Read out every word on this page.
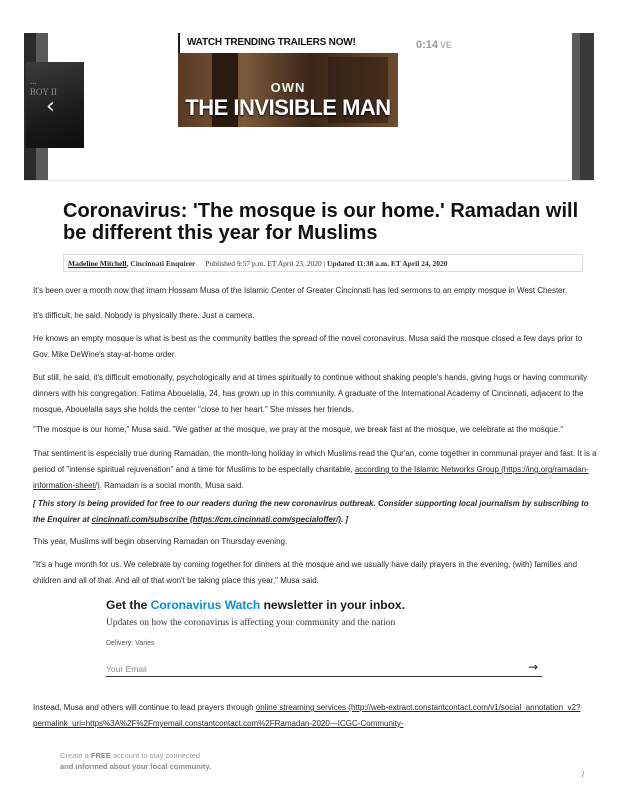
...
BOY II
‹
WATCH TRENDING TRAILERS NOW!	0:14 VE
OWN
THE INVISIBLE MAN
Coronavirus: 'The mosque is our home.' Ramadan will be different this year for Muslims
Madeline Mitchell, Cincinnati Enquirer Published 9:57 p.m. ET April 23, 2020 | Updated 11:38 a.m. ET April 24, 2020

It's been over a month now that imam Hossam Musa of the Islamic Center of Greater Cincinnati has led sermons to an empty mosque in West Chester.

It's difficult, he said. Nobody is physically there. Just a camera.

He knows an empty mosque is what is best as the community battles the spread of the novel coronavirus. Musa said the mosque closed a few days prior to Gov. Mike DeWine's stay-at-home order.

But still, he said, it's difficult emotionally, psychologically and at times spiritually to continue without shaking people's hands, giving hugs or having community dinners with his congregation. Fatima Abouelalla, 24, has grown up in this community. A graduate of the International Academy of Cincinnati, adjacent to the mosque, Abouelalla says she holds the center "close to her heart." She misses her friends.

"The mosque is our home," Musa said. "We gather at the mosque, we pray at the mosque, we break fast at the mosque, we celebrate at the mosque."

That sentiment is especially true during Ramadan, the month-long holiday in which Muslims read the Qur'an, come together in communal prayer and fast. It is a period of "intense spiritual rejuvenation" and a time for Muslims to be especially charitable, according to the Islamic Networks Group (https://ing.org/ramadan-information-sheet/). Ramadan is a social month, Musa said.

[ This story is being provided for free to our readers during the new coronavirus outbreak. Consider supporting local journalism by subscribing to the Enquirer at cincinnati.com/subscribe (https://cm.cincinnati.com/specialoffer/). ]

This year, Muslims will begin observing Ramadan on Thursday evening.

"It's a huge month for us. We celebrate by coming together for dinners at the mosque and we usually have daily prayers in the evening, (with) families and children and all of that. And all of that won't be taking place this year," Musa said.

Get the Coronavirus Watch newsletter in your inbox.
Updates on how the coronavirus is affecting your community and the nation
Delivery: Varies
Your Email
→

Instead, Musa and others will continue to lead prayers through online streaming services (http://web-extract.constantcontact.com/v1/social_annotation_v2?permalink_uri=https%3A%2F%2Fmyemail.constantcontact.com%2FRamadan-2020---ICGC-Community-

Create a FREE account to stay connected
and informed about your local community.
/
